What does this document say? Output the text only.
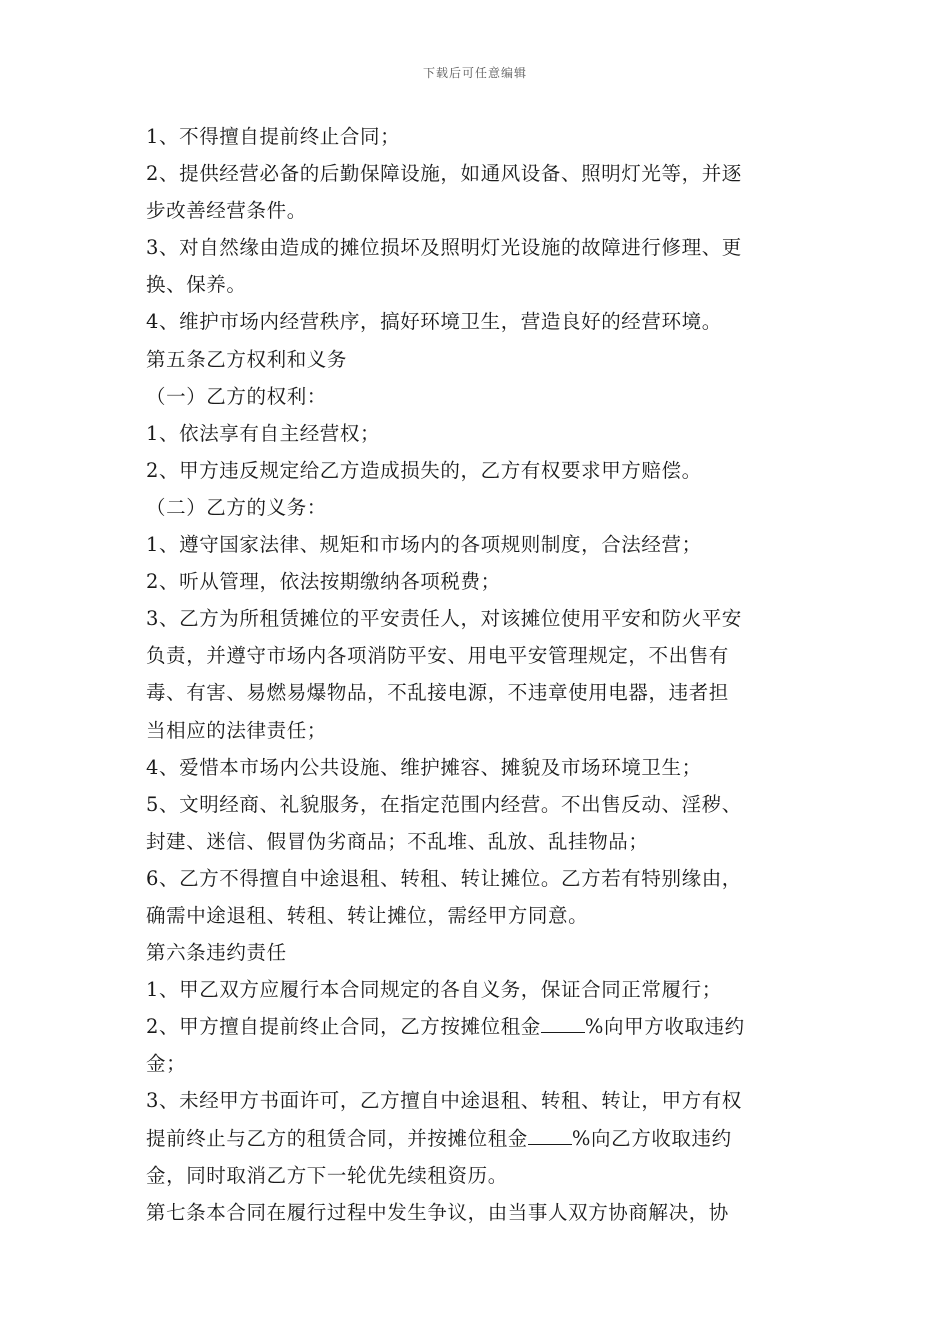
下载后可任意编辑
1、不得擅自提前终止合同；
2、提供经营必备的后勤保障设施，如通风设备、照明灯光等，并逐
步改善经营条件。
3、对自然缘由造成的摊位损坏及照明灯光设施的故障进行修理、更
换、保养。
4、维护市场内经营秩序，搞好环境卫生，营造良好的经营环境。
第五条乙方权利和义务
（一）乙方的权利：
1、依法享有自主经营权；
2、甲方违反规定给乙方造成损失的，乙方有权要求甲方赔偿。
（二）乙方的义务：
1、遵守国家法律、规矩和市场内的各项规则制度，合法经营；
2、听从管理，依法按期缴纳各项税费；
3、乙方为所租赁摊位的平安责任人，对该摊位使用平安和防火平安
负责，并遵守市场内各项消防平安、用电平安管理规定，不出售有
毒、有害、易燃易爆物品，不乱接电源，不违章使用电器，违者担
当相应的法律责任；
4、爱惜本市场内公共设施、维护摊容、摊貌及市场环境卫生；
5、文明经商、礼貌服务，在指定范围内经营。不出售反动、淫秽、
封建、迷信、假冒伪劣商品；不乱堆、乱放、乱挂物品；
6、乙方不得擅自中途退租、转租、转让摊位。乙方若有特别缘由，
确需中途退租、转租、转让摊位，需经甲方同意。
第六条违约责任
1、甲乙双方应履行本合同规定的各自义务，保证合同正常履行；
2、甲方擅自提前终止合同，乙方按摊位租金 %向甲方收取违约
金；
3、未经甲方书面许可，乙方擅自中途退租、转租、转让，甲方有权
提前终止与乙方的租赁合同，并按摊位租金 %向乙方收取违约
金，同时取消乙方下一轮优先续租资历。
第七条本合同在履行过程中发生争议，由当事人双方协商解决，协
